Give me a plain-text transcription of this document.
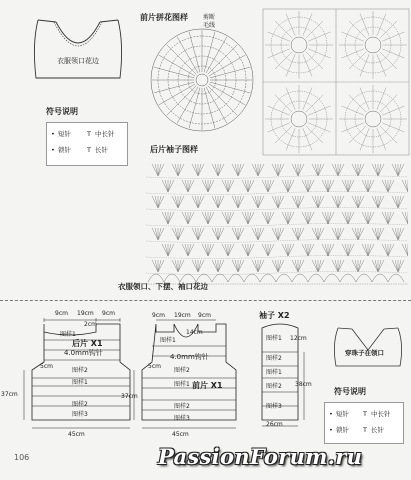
衣服领口花边
符号说明
• 短针 T 中长针
• 锁针 T 长针
前片拼花图样	剪断毛线
后片袖子图样
衣服领口、下摆、袖口花边
9cm 19cm 9cm
2cm
后片 X1
4.0mm钩针
5cm
37cm
45cm
图样1
图样2
图样1
图样2
图样3
9cm 19cm 9cm
14cm
图样1
4.0mm钩针
5cm
图样2
图样1 前片 X1
37cm
图样2
图样3
45cm
袖子 X2
12cm
图样1
图样2
图样1
图样2
图样3
38cm
26cm
穿珠子在领口
符号说明
• 短针 T 中长针
• 锁针 T 长针
106	PassionForum.ru
